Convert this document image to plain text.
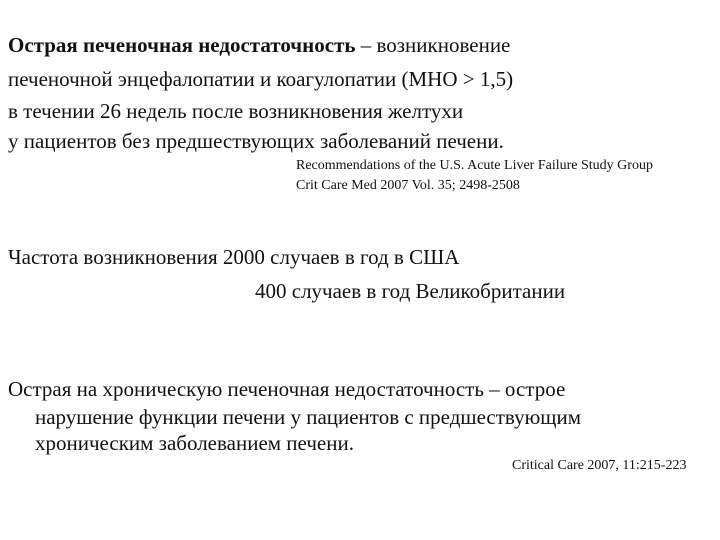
Острая печеночная недостаточность – возникновение
печеночной энцефалопатии и коагулопатии (МНО > 1,5)
в течении 26 недель после возникновения желтухи
у пациентов без предшествующих заболеваний печени.
Recommendations of the U.S. Acute Liver Failure Study Group
Crit Care Med 2007 Vol. 35; 2498-2508
Частота возникновения 2000 случаев в год в США
400 случаев в год Великобритании
Острая на хроническую печеночная недостаточность – острое
нарушение функции печени у пациентов с предшествующим
хроническим заболеванием печени.
Critical Care 2007, 11:215-223
